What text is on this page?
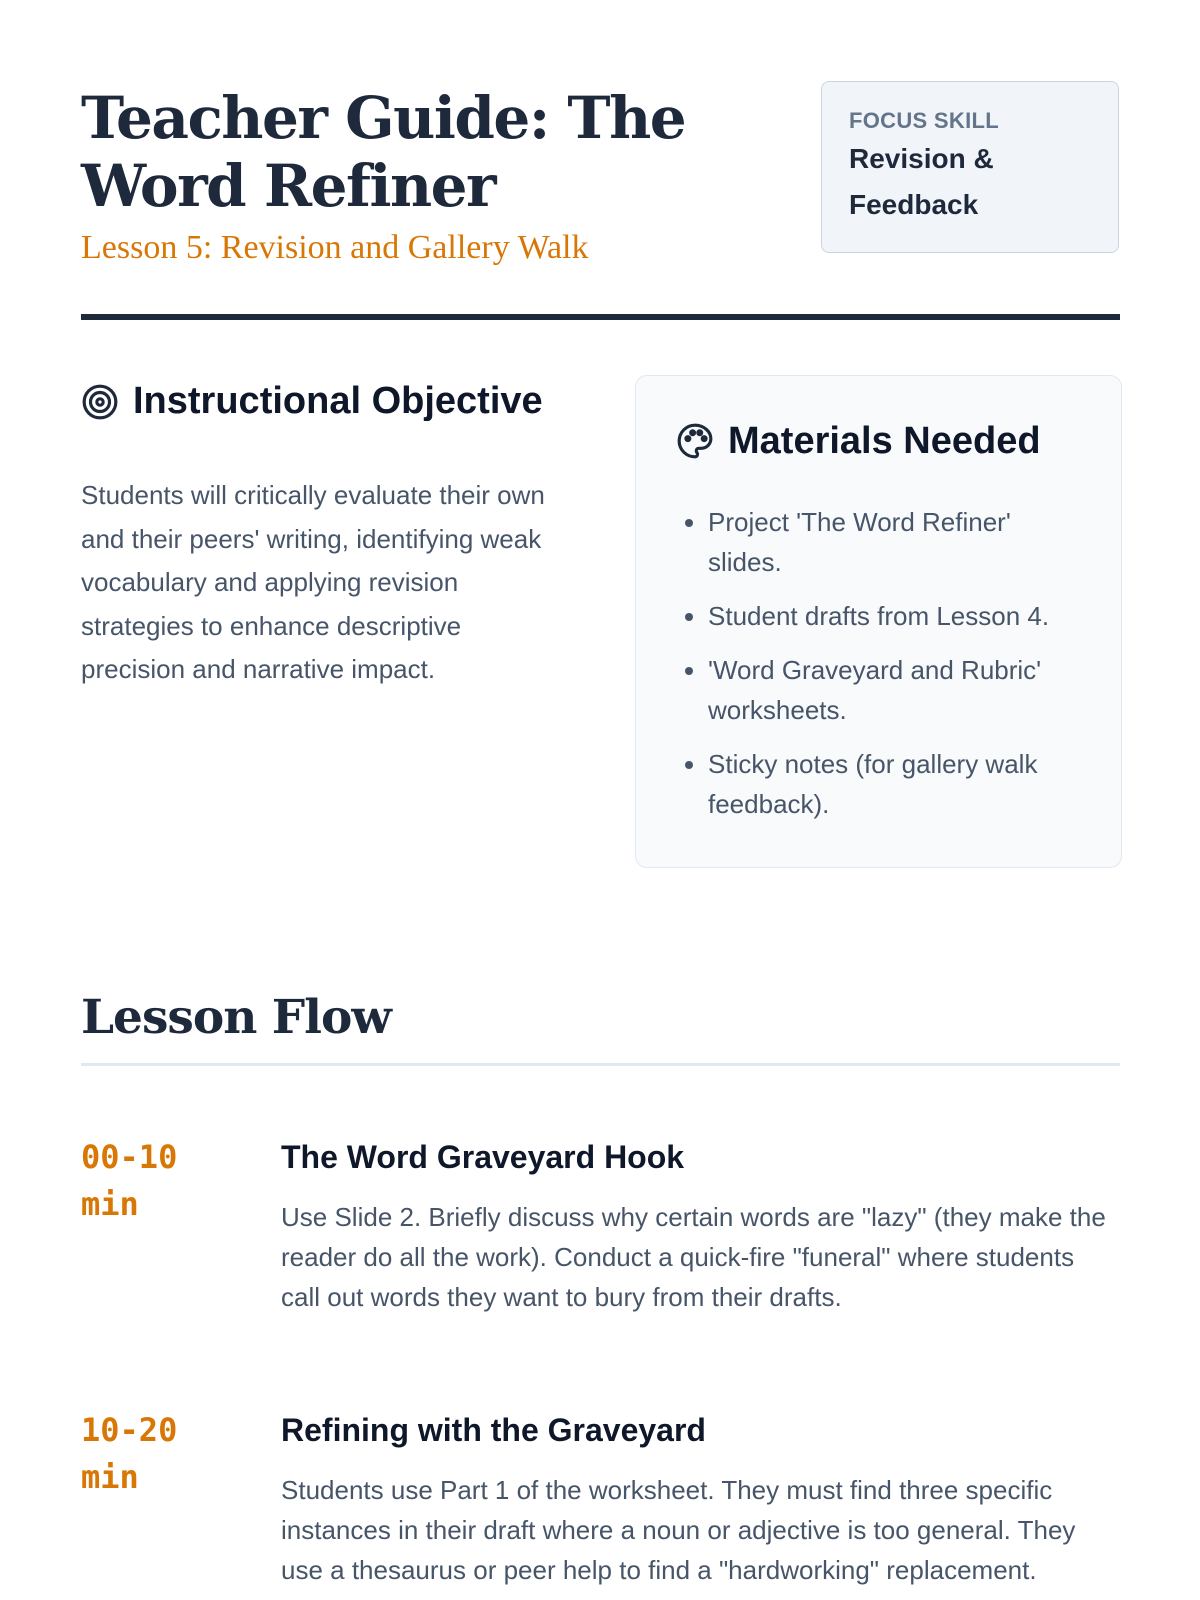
Teacher Guide: The Word Refiner

Lesson 5: Revision and Gallery Walk

FOCUS SKILL
Revision & Feedback
Instructional Objective

Students will critically evaluate their own and their peers' writing, identifying weak vocabulary and applying revision strategies to enhance descriptive precision and narrative impact.

Materials Needed
• Project 'The Word Refiner' slides.
• Student drafts from Lesson 4.
• 'Word Graveyard and Rubric' worksheets.
• Sticky notes (for gallery walk feedback).
Lesson Flow
00-10 min
The Word Graveyard Hook

Use Slide 2. Briefly discuss why certain words are "lazy" (they make the reader do all the work). Conduct a quick-fire "funeral" where students call out words they want to bury from their drafts.

10-20 min
Refining with the Graveyard

Students use Part 1 of the worksheet. They must find three specific instances in their draft where a noun or adjective is too general. They use a thesaurus or peer help to find a "hardworking" replacement.
